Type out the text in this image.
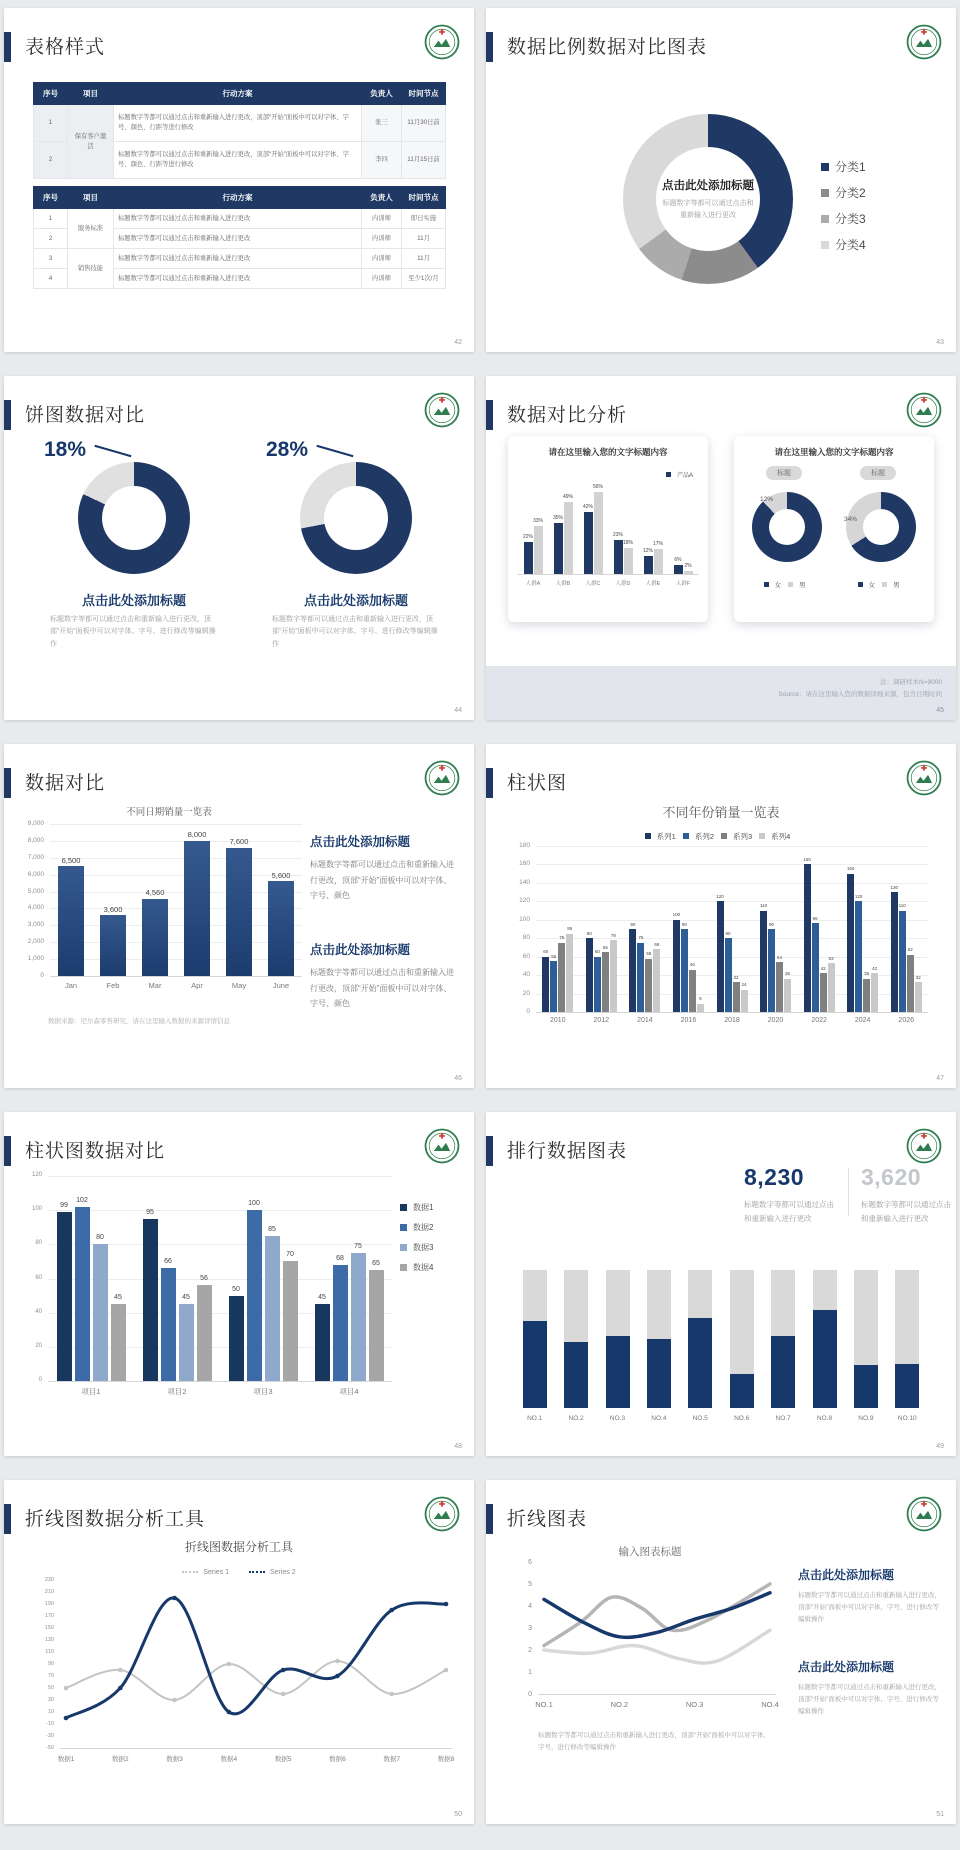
表格样式
序号	项目	行动方案	负责人	时间节点
1	保有客户激活	标题数字等都可以通过点击和重新输入进行更改，顶部“开始”面板中可以对字体、字号、颜色、行距等进行修改	张三	11月30日前
2		标题数字等都可以通过点击和重新输入进行更改，顶部“开始”面板中可以对字体、字号、颜色、行距等进行修改	李四	11月15日前
序号	项目	行动方案	负责人	时间节点
1	服务标准	标题数字等都可以通过点击和重新输入进行更改	内训师	即日实施
2		标题数字等都可以通过点击和重新输入进行更改	内训师	11月
3	销售技能	标题数字等都可以通过点击和重新输入进行更改	内训师	11月
4		标题数字等都可以通过点击和重新输入进行更改	内训师	至少1次/月
42
数据比例数据对比图表
点击此处添加标题
标题数字等都可以通过点击和重新输入进行更改
分类1
分类2
分类3
分类4
43
饼图数据对比
18%
点击此处添加标题
标题数字等都可以通过点击和重新输入进行更改，顶部“开始”面板中可以对字体、字号、进行修改等编辑操作
28%
点击此处添加标题
标题数字等都可以通过点击和重新输入进行更改，顶部“开始”面板中可以对字体、字号、进行修改等编辑操作
44
数据对比分析
请在这里输入您的文字标题内容
产品A
22%
33%
人群A
35%
49%
人群B
42%
56%
人群C
23%
18%
人群D
12%
17%
人群E
6%
2%
人群F
请在这里输入您的文字标题内容
标题	标题
12%
34%
女	男	女	男
注：调研样本N=9000
Source：请在这里输入您的数据详细来源，包含日期时间
45
数据对比
不同日期销量一览表
9,000
8,000
7,000
6,000
5,000
4,000
3,000
2,000
1,000
0
6,500
Jan
3,600
Feb
4,560
Mar
8,000
Apr
7,600
May
5,600
June
数据来源：尼尔森零售研究，请在这里输入数据的来源详情信息

点击此处添加标题

标题数字等都可以通过点击和重新输入进行更改，顶部“开始”面板中可以对字体、字号、颜色

点击此处添加标题

标题数字等都可以通过点击和重新输入进行更改，顶部“开始”面板中可以对字体、字号、颜色

46
柱状图
不同年份销量一览表
系列1	系列2	系列3	系列4
180
160
140
120
100
80
60
40
20
0
60
55
75
85
2010
80
60
65
78
2012
90
75
58
68
2014
100
90
46
9
2016
120
80
32
24
2018
110
90
54
36
2020
160
96
42
53
2022
150
120
36
42
2024
130
110
62
32
2026
47
柱状图数据对比
120
100
80
60
40
20
0
99
102
80
45
项目1
95
66
45
56
项目2
50
100
85
70
项目3
45
68
75
65
项目4
数据1
数据2
数据3
数据4
48
排行数据图表
8,230
标题数字等都可以通过点击和重新输入进行更改
3,620
标题数字等都可以通过点击和重新输入进行更改
NO.1	NO.2	NO.3	NO.4	NO.5	NO.6	NO.7	NO.8	NO.9	NO.10
49
折线图数据分析工具
折线图数据分析工具
Series 1	Series 2
230
210
190
170
150
130
110
90
70
50
30
10
-10
-30
-50
数据1	数据2	数据3	数据4	数据5	数据6	数据7	数据8
50
折线图表
输入图表标题
6
5
4
3
2
1
0
NO.1	NO.2	NO.3	NO.4
标题数字等都可以通过点击和重新输入进行更改，顶部“开始”面板中可以对字体、字号，进行修改等编辑操作

点击此处添加标题

标题数字等都可以通过点击和重新输入进行更改，顶部“开始”面板中可以对字体、字号，进行修改等编辑操作

点击此处添加标题

标题数字等都可以通过点击和重新输入进行更改，顶部“开始”面板中可以对字体、字号，进行修改等编辑操作

51
